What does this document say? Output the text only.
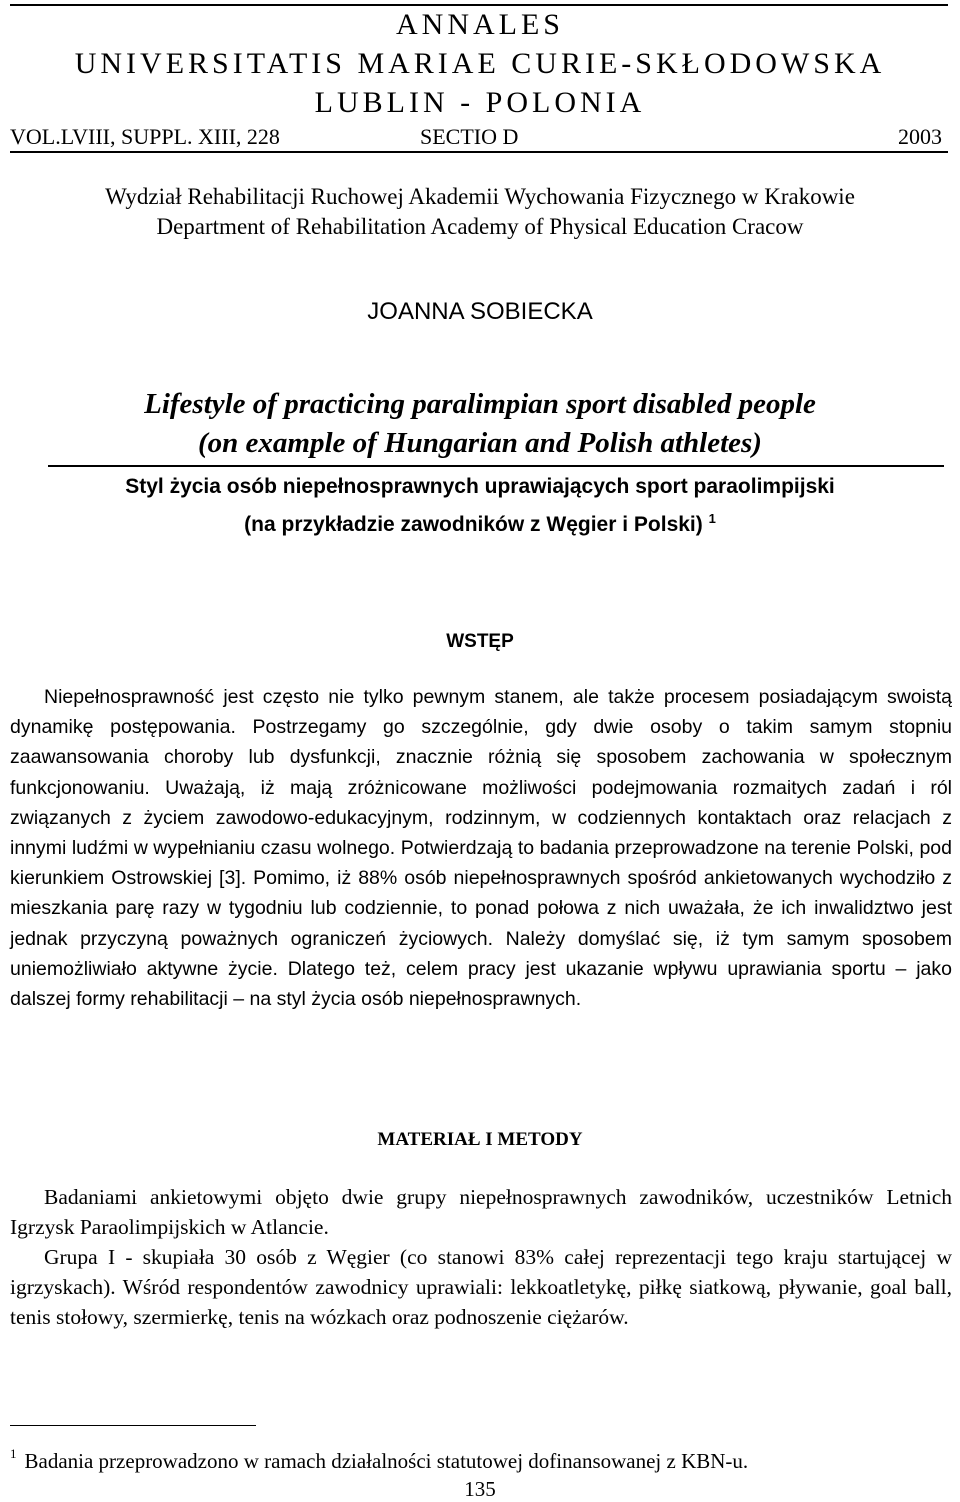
ANNALES

UNIVERSITATIS MARIAE CURIE-SKŁODOWSKA

LUBLIN - POLONIA

VOL.LVIII, SUPPL. XIII, 228	SECTIO D	2003

Wydział Rehabilitacji Ruchowej Akademii Wychowania Fizycznego w Krakowie

Department of Rehabilitation Academy of Physical Education Cracow

JOANNA SOBIECKA

Lifestyle of practicing paralimpian sport disabled people

(on example of Hungarian and Polish athletes)

Styl życia osób niepełnosprawnych uprawiających sport paraolimpijski

(na przykładzie zawodników z Węgier i Polski) $^1$

WSTĘP

Niepełnosprawność jest często nie tylko pewnym stanem, ale także procesem posiadającym swoistą dynamikę postępowania. Postrzegamy go szczególnie, gdy dwie osoby o takim samym stopniu zaawansowania choroby lub dysfunkcji, znacznie różnią się sposobem zachowania w społecznym funkcjonowaniu. Uważają, iż mają zróżnicowane możliwości podejmowania rozmaitych zadań i ról związanych z życiem zawodowo-edukacyjnym, rodzinnym, w codziennych kontaktach oraz relacjach z innymi ludźmi w wypełnianiu czasu wolnego. Potwierdzają to badania przeprowadzone na terenie Polski, pod kierunkiem Ostrowskiej [3]. Pomimo, iż 88% osób niepełnosprawnych spośród ankietowanych wychodziło z mieszkania parę razy w tygodniu lub codziennie, to ponad połowa z nich uważała, że ich inwalidztwo jest jednak przyczyną poważnych ograniczeń życiowych. Należy domyślać się, iż tym samym sposobem uniemożliwiało aktywne życie. Dlatego też, celem pracy jest ukazanie wpływu uprawiania sportu – jako dalszej formy rehabilitacji – na styl życia osób niepełnosprawnych.

MATERIAŁ I METODY

Badaniami ankietowymi objęto dwie grupy niepełnosprawnych zawodników, uczestników Letnich Igrzysk Paraolimpijskich w Atlancie.

Grupa I - skupiała 30 osób z Węgier (co stanowi 83% całej reprezentacji tego kraju startującej w igrzyskach). Wśród respondentów zawodnicy uprawiali: lekkoatletykę, piłkę siatkową, pływanie, goal ball, tenis stołowy, szermierkę, tenis na wózkach oraz podnoszenie ciężarów.

$^1$ Badania przeprowadzono w ramach działalności statutowej dofinansowanej z KBN-u.

135
